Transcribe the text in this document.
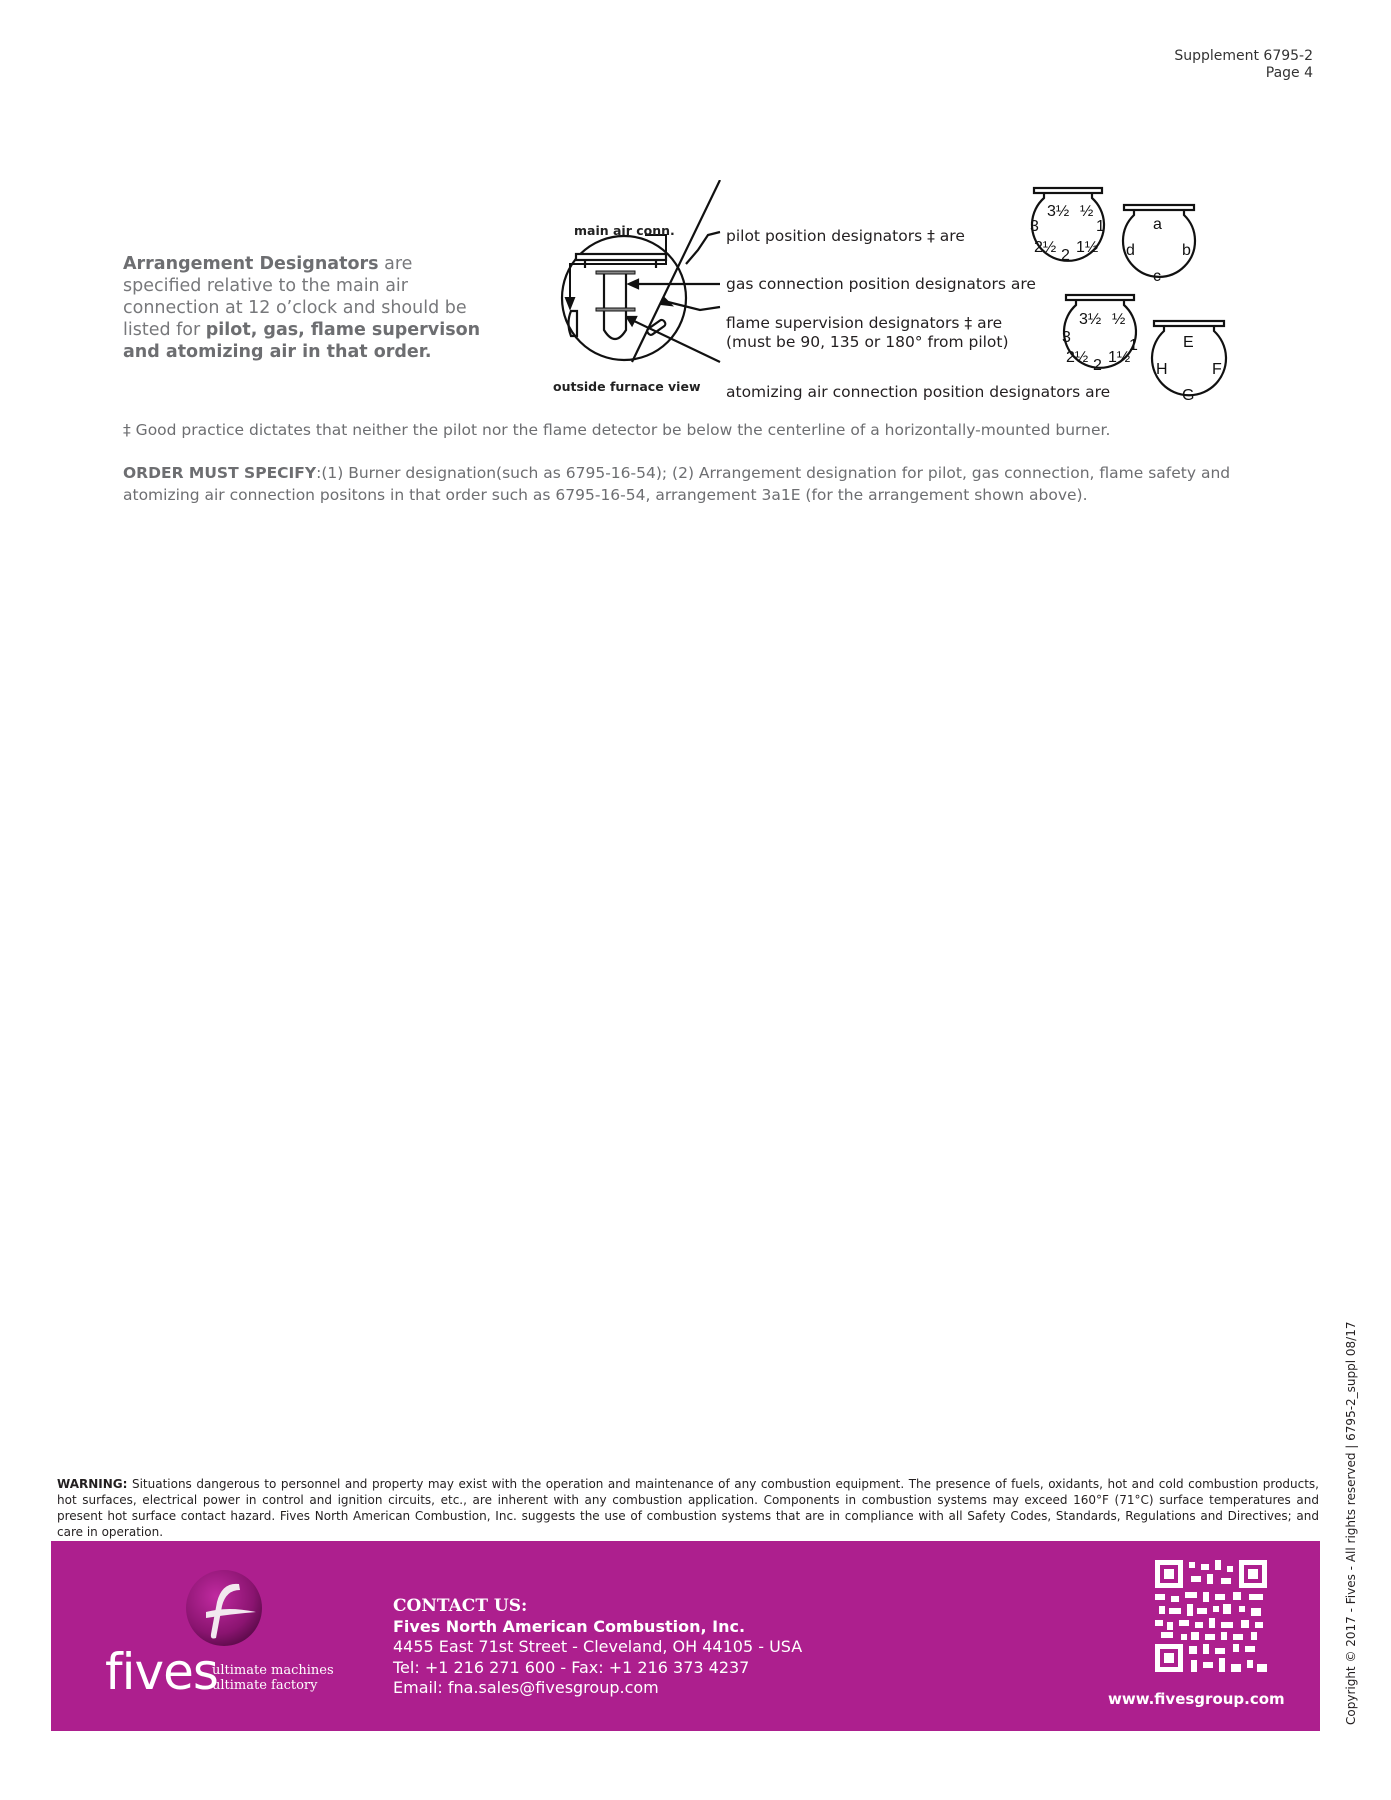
Supplement 6795-2
Page 4
Arrangement Designators are specified relative to the main air connection at 12 o’clock and should be listed for pilot, gas, flame supervison and atomizing air in that order.
main air conn.
outside furnace view
3½ ½
3	1
2½ 1½
2
a
b
c
d
3½ ½
3	1
2½ 1½
2
E
F
G
H
pilot position designators ‡ are
gas connection position designators are
flame supervision designators ‡ are
(must be 90, 135 or 180° from pilot)
atomizing air connection position designators are
‡ Good practice dictates that neither the pilot nor the flame detector be below the centerline of a horizontally-mounted burner.
ORDER MUST SPECIFY:(1) Burner designation(such as 6795-16-54); (2) Arrangement designation for pilot, gas connection, flame safety and atomizing air connection positons in that order such as 6795-16-54, arrangement 3a1E (for the arrangement shown above).
WARNING: Situations dangerous to personnel and property may exist with the operation and maintenance of any combustion equipment. The presence of fuels, oxidants, hot and cold combustion products, hot surfaces, electrical power in control and ignition circuits, etc., are inherent with any combustion application. Components in combustion systems may exceed 160°F (71°C) surface temperatures and present hot surface contact hazard. Fives North American Combustion, Inc. suggests the use of combustion systems that are in compliance with all Safety Codes, Standards, Regulations and Directives; and care in operation.
fives
ultimate machines
ultimate factory
CONTACT US:
Fives North American Combustion, Inc.
4455 East 71st Street - Cleveland, OH 44105 - USA
Tel: +1 216 271 600 - Fax: +1 216 373 4237
Email: fna.sales@fivesgroup.com
www.fivesgroup.com	Copyright © 2017 - Fives - All rights reserved | 6795-2_suppl 08/17
